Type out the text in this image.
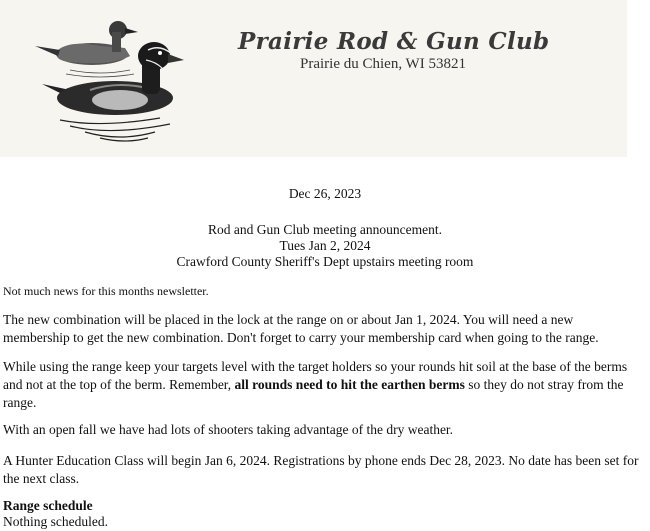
Prairie Rod & Gun Club
Prairie du Chien, WI 53821
Dec 26, 2023
Rod and Gun Club meeting announcement.
Tues Jan 2, 2024
Crawford County Sheriff's Dept upstairs meeting room
Not much news for this months newsletter.
The new combination will be placed in the lock at the range on or about Jan 1, 2024. You will need a new membership to get the new combination. Don't forget to carry your membership card when going to the range.
While using the range keep your targets level with the target holders so your rounds hit soil at the base of the berms and not at the top of the berm. Remember, all rounds need to hit the earthen berms so they do not stray from the range.
With an open fall we have had lots of shooters taking advantage of the dry weather.
A Hunter Education Class will begin Jan 6, 2024. Registrations by phone ends Dec 28, 2023. No date has been set for the next class.
Range schedule
Nothing scheduled.
